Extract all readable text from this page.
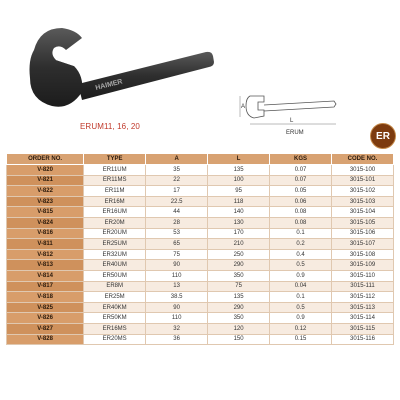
HAIMER
ERUM11, 16, 20
A
L
ERUM	ER
ORDER NO.	TYPE	A	L	KGS	CODE NO.
V-820	ER11UM	35	135	0.07	3015-100
V-821	ER11MS	22	100	0.07	3015-101
V-822	ER11M	17	95	0.05	3015-102
V-823	ER16M	22.5	118	0.06	3015-103
V-815	ER16UM	44	140	0.08	3015-104
V-824	ER20M	28	130	0.08	3015-105
V-816	ER20UM	53	170	0.1	3015-106
V-811	ER25UM	65	210	0.2	3015-107
V-812	ER32UM	75	250	0.4	3015-108
V-813	ER40UM	90	290	0.5	3015-109
V-814	ER50UM	110	350	0.9	3015-110
V-817	ER8M	13	75	0.04	3015-111
V-818	ER25M	38.5	135	0.1	3015-112
V-825	ER40KM	90	290	0.5	3015-113
V-826	ER50KM	110	350	0.9	3015-114
V-827	ER16MS	32	120	0.12	3015-115
V-828	ER20MS	36	150	0.15	3015-116
